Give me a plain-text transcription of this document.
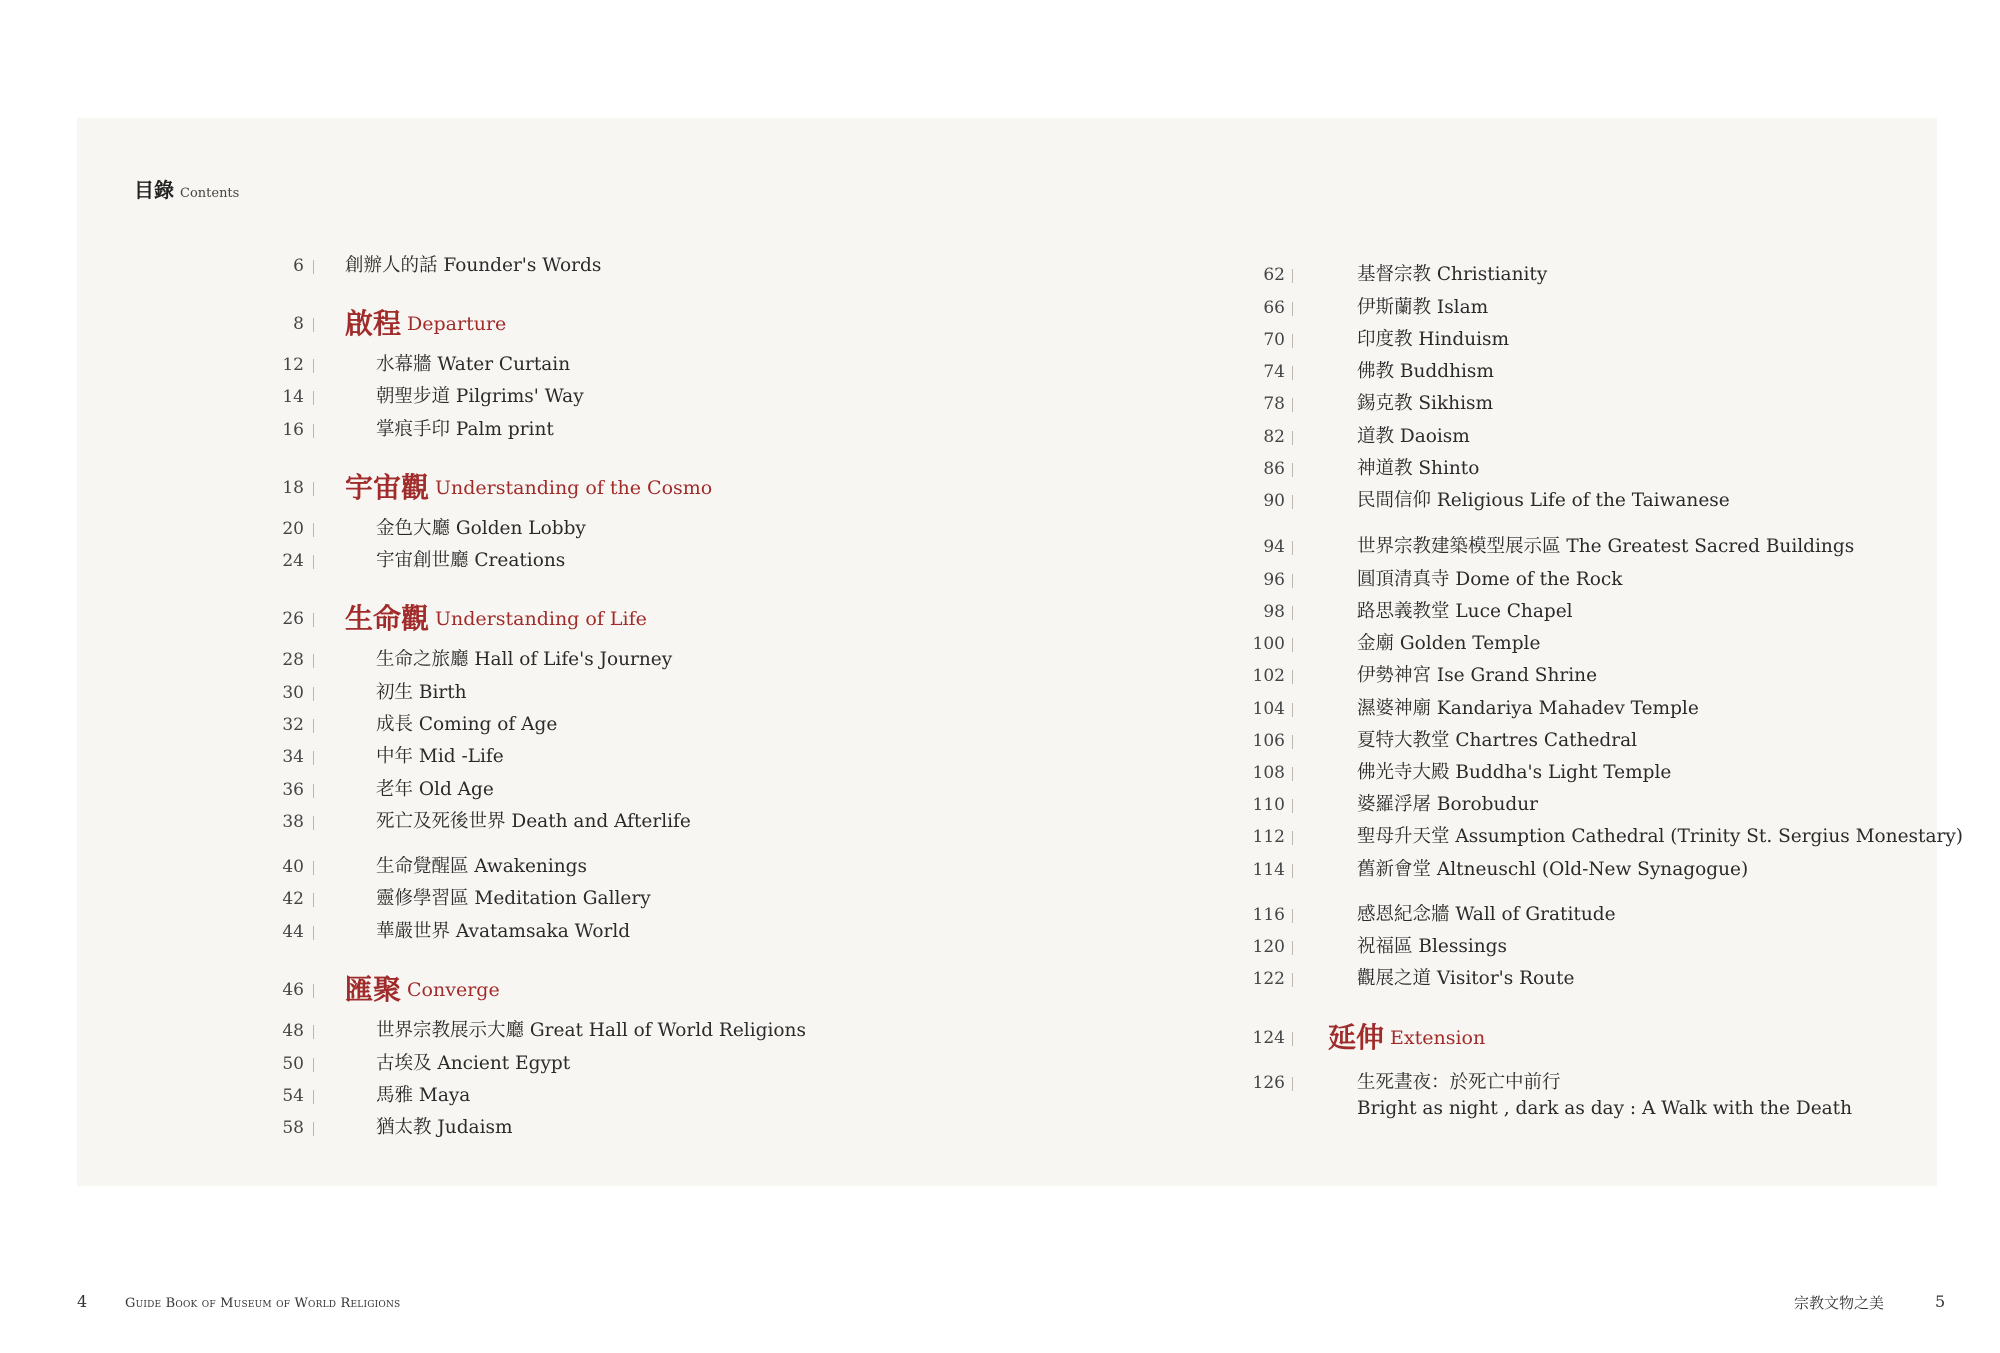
目錄 Contents
6 創辦人的話 Founder's Words
8 啟程 Departure
12	水幕牆 Water Curtain
14	朝聖步道 Pilgrims' Way
16	掌痕手印 Palm print
18 宇宙觀 Understanding of the Cosmo
20	金色大廳 Golden Lobby
24	宇宙創世廳 Creations
26 生命觀 Understanding of Life
28	生命之旅廳 Hall of Life's Journey
30	初生 Birth
32	成長 Coming of Age
34	中年 Mid -Life
36	老年 Old Age
38	死亡及死後世界 Death and Afterlife
40	生命覺醒區 Awakenings
42	靈修學習區 Meditation Gallery
44	華嚴世界 Avatamsaka World
46 匯聚 Converge
48	世界宗教展示大廳 Great Hall of World Religions
50	古埃及 Ancient Egypt
54	馬雅 Maya
58	猶太教 Judaism
62	基督宗教 Christianity
66	伊斯蘭教 Islam
70	印度教 Hinduism
74	佛教 Buddhism
78	錫克教 Sikhism
82	道教 Daoism
86	神道教 Shinto
90	民間信仰 Religious Life of the Taiwanese
94	世界宗教建築模型展示區 The Greatest Sacred Buildings
96	圓頂清真寺 Dome of the Rock
98	路思義教堂 Luce Chapel
100	金廟 Golden Temple
102	伊勢神宮 Ise Grand Shrine
104	濕婆神廟 Kandariya Mahadev Temple
106	夏特大教堂 Chartres Cathedral
108	佛光寺大殿 Buddha's Light Temple
110	婆羅浮屠 Borobudur
112	聖母升天堂 Assumption Cathedral (Trinity St. Sergius Monestary)
114	舊新會堂 Altneuschl (Old-New Synagogue)
116	感恩紀念牆 Wall of Gratitude
120	祝福區 Blessings
122	觀展之道 Visitor's Route
124 延伸 Extension
126	生死晝夜：於死亡中前行
Bright as night , dark as day : A Walk with the Death
4	Guide Book of Museum of World Religions	宗教文物之美	5
